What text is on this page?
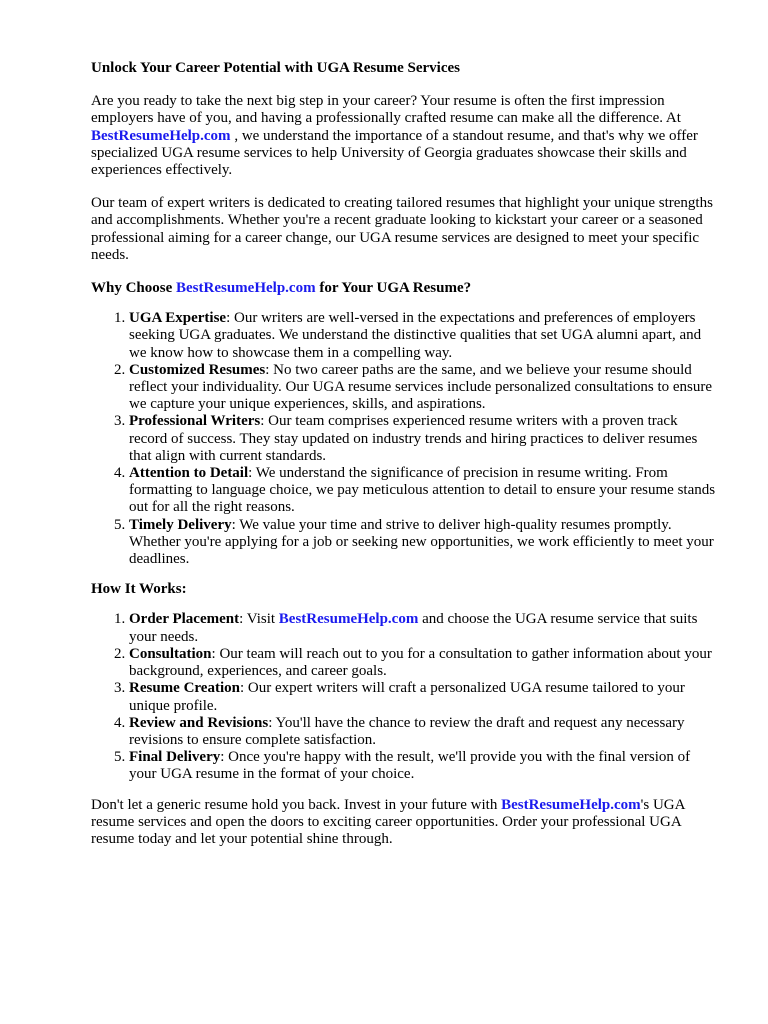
Unlock Your Career Potential with UGA Resume Services

Are you ready to take the next big step in your career? Your resume is often the first impression employers have of you, and having a professionally crafted resume can make all the difference. At BestResumeHelp.com , we understand the importance of a standout resume, and that's why we offer specialized UGA resume services to help University of Georgia graduates showcase their skills and experiences effectively.

Our team of expert writers is dedicated to creating tailored resumes that highlight your unique strengths and accomplishments. Whether you're a recent graduate looking to kickstart your career or a seasoned professional aiming for a career change, our UGA resume services are designed to meet your specific needs.

Why Choose BestResumeHelp.com for Your UGA Resume?
1. UGA Expertise: Our writers are well-versed in the expectations and preferences of employers seeking UGA graduates. We understand the distinctive qualities that set UGA alumni apart, and we know how to showcase them in a compelling way.
2. Customized Resumes: No two career paths are the same, and we believe your resume should reflect your individuality. Our UGA resume services include personalized consultations to ensure we capture your unique experiences, skills, and aspirations.
3. Professional Writers: Our team comprises experienced resume writers with a proven track record of success. They stay updated on industry trends and hiring practices to deliver resumes that align with current standards.
4. Attention to Detail: We understand the significance of precision in resume writing. From formatting to language choice, we pay meticulous attention to detail to ensure your resume stands out for all the right reasons.
5. Timely Delivery: We value your time and strive to deliver high-quality resumes promptly. Whether you're applying for a job or seeking new opportunities, we work efficiently to meet your deadlines.
How It Works:
1. Order Placement: Visit BestResumeHelp.com and choose the UGA resume service that suits your needs.
2. Consultation: Our team will reach out to you for a consultation to gather information about your background, experiences, and career goals.
3. Resume Creation: Our expert writers will craft a personalized UGA resume tailored to your unique profile.
4. Review and Revisions: You'll have the chance to review the draft and request any necessary revisions to ensure complete satisfaction.
5. Final Delivery: Once you're happy with the result, we'll provide you with the final version of your UGA resume in the format of your choice.

Don't let a generic resume hold you back. Invest in your future with BestResumeHelp.com's UGA resume services and open the doors to exciting career opportunities. Order your professional UGA resume today and let your potential shine through.
